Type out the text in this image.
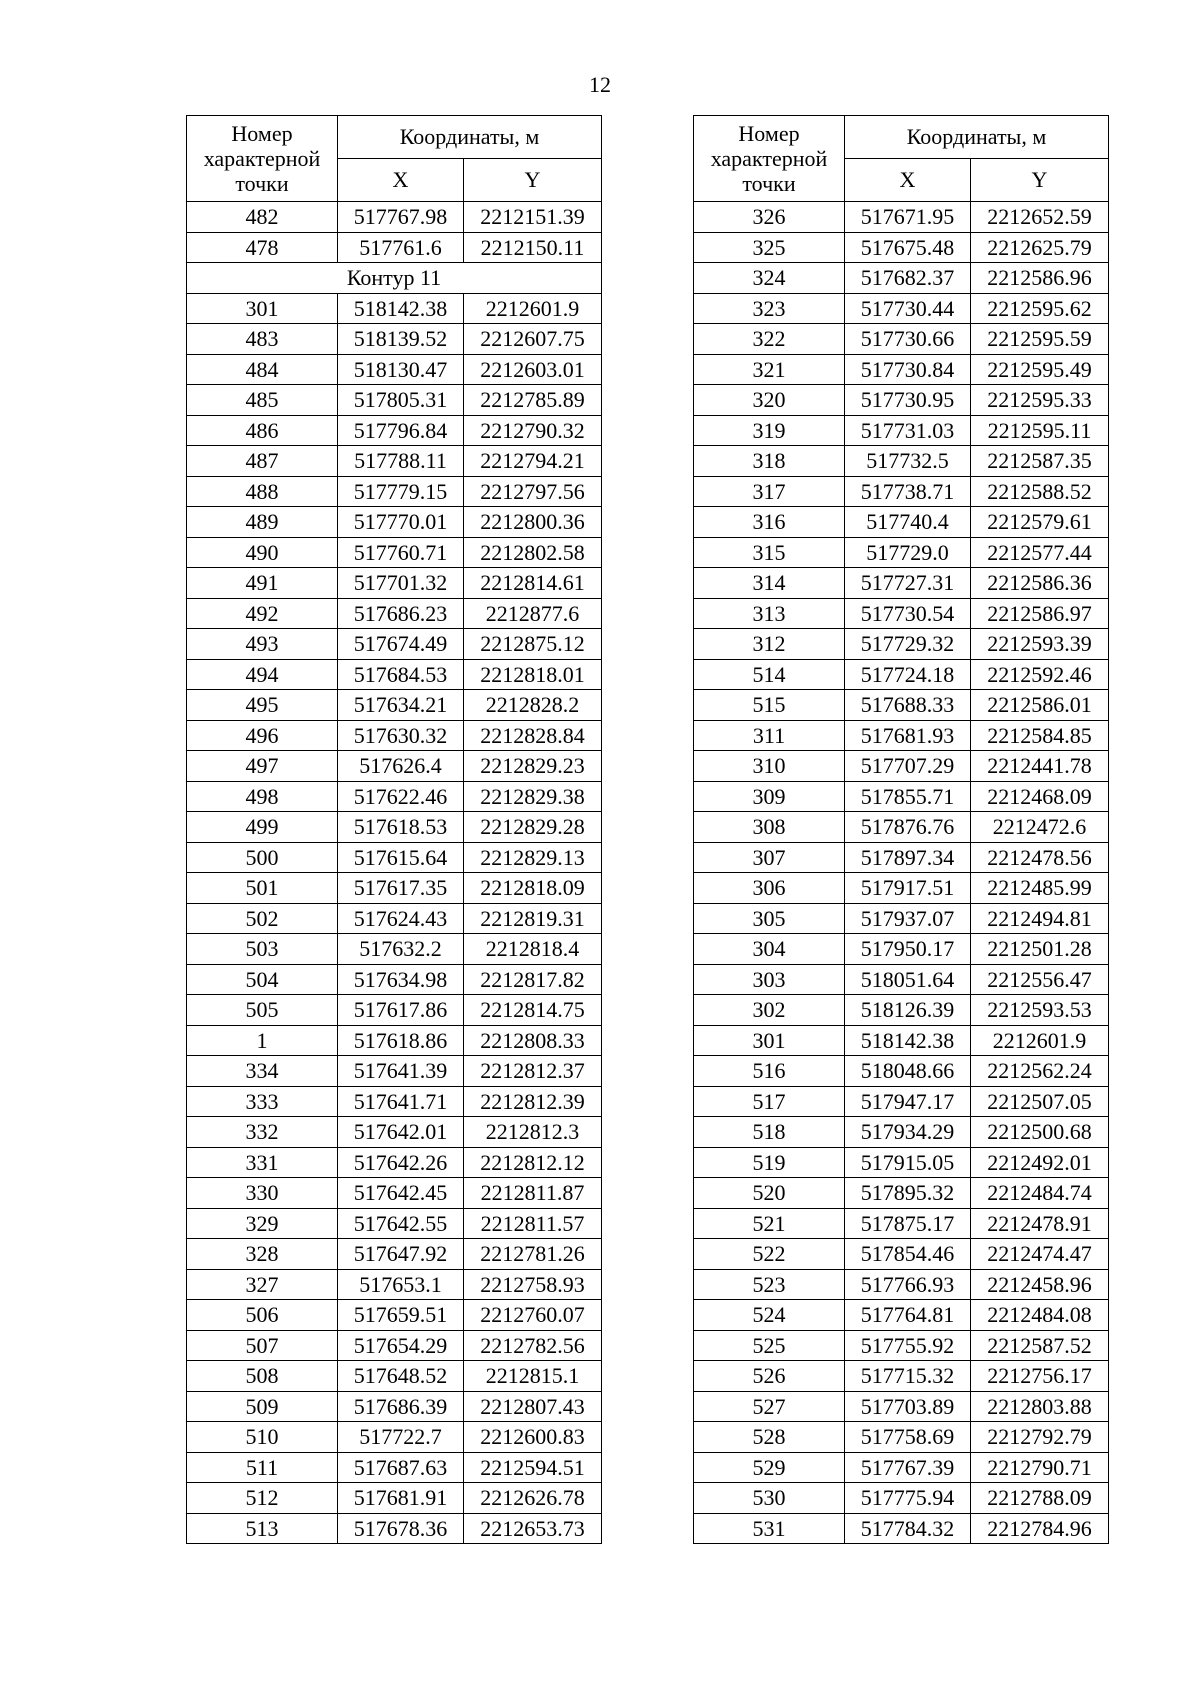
12
Номер
характерной
точки	Координаты, м	
	X	Y
482	517767.98	2212151.39
478	517761.6	2212150.11
Контур 11		
301	518142.38	2212601.9
483	518139.52	2212607.75
484	518130.47	2212603.01
485	517805.31	2212785.89
486	517796.84	2212790.32
487	517788.11	2212794.21
488	517779.15	2212797.56
489	517770.01	2212800.36
490	517760.71	2212802.58
491	517701.32	2212814.61
492	517686.23	2212877.6
493	517674.49	2212875.12
494	517684.53	2212818.01
495	517634.21	2212828.2
496	517630.32	2212828.84
497	517626.4	2212829.23
498	517622.46	2212829.38
499	517618.53	2212829.28
500	517615.64	2212829.13
501	517617.35	2212818.09
502	517624.43	2212819.31
503	517632.2	2212818.4
504	517634.98	2212817.82
505	517617.86	2212814.75
1	517618.86	2212808.33
334	517641.39	2212812.37
333	517641.71	2212812.39
332	517642.01	2212812.3
331	517642.26	2212812.12
330	517642.45	2212811.87
329	517642.55	2212811.57
328	517647.92	2212781.26
327	517653.1	2212758.93
506	517659.51	2212760.07
507	517654.29	2212782.56
508	517648.52	2212815.1
509	517686.39	2212807.43
510	517722.7	2212600.83
511	517687.63	2212594.51
512	517681.91	2212626.78
513	517678.36	2212653.73
Номер
характерной
точки	Координаты, м	
	X	Y
326	517671.95	2212652.59
325	517675.48	2212625.79
324	517682.37	2212586.96
323	517730.44	2212595.62
322	517730.66	2212595.59
321	517730.84	2212595.49
320	517730.95	2212595.33
319	517731.03	2212595.11
318	517732.5	2212587.35
317	517738.71	2212588.52
316	517740.4	2212579.61
315	517729.0	2212577.44
314	517727.31	2212586.36
313	517730.54	2212586.97
312	517729.32	2212593.39
514	517724.18	2212592.46
515	517688.33	2212586.01
311	517681.93	2212584.85
310	517707.29	2212441.78
309	517855.71	2212468.09
308	517876.76	2212472.6
307	517897.34	2212478.56
306	517917.51	2212485.99
305	517937.07	2212494.81
304	517950.17	2212501.28
303	518051.64	2212556.47
302	518126.39	2212593.53
301	518142.38	2212601.9
516	518048.66	2212562.24
517	517947.17	2212507.05
518	517934.29	2212500.68
519	517915.05	2212492.01
520	517895.32	2212484.74
521	517875.17	2212478.91
522	517854.46	2212474.47
523	517766.93	2212458.96
524	517764.81	2212484.08
525	517755.92	2212587.52
526	517715.32	2212756.17
527	517703.89	2212803.88
528	517758.69	2212792.79
529	517767.39	2212790.71
530	517775.94	2212788.09
531	517784.32	2212784.96
